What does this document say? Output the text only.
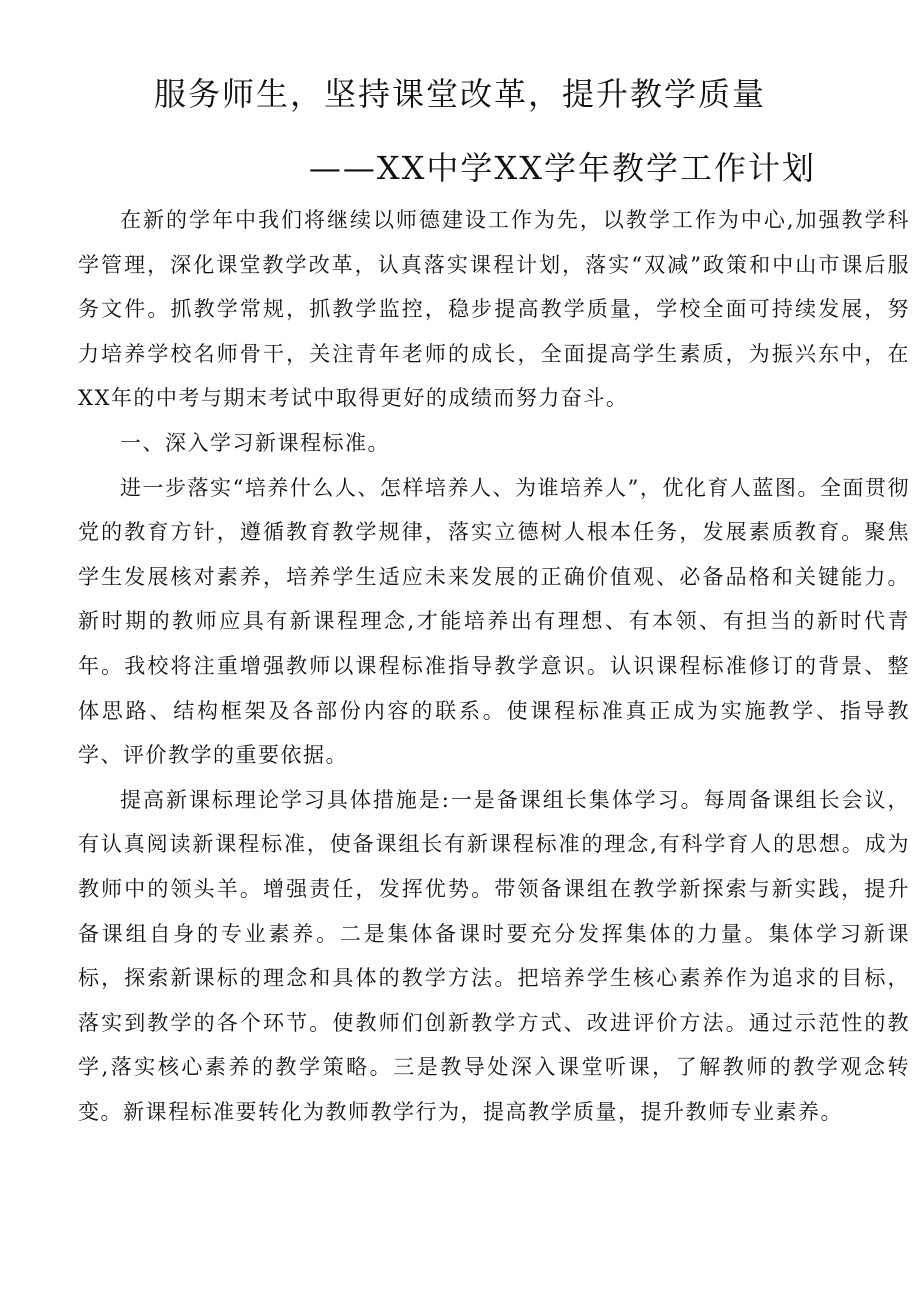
服务师生，坚持课堂改革，提升教学质量
——XX中学XX学年教学工作计划

在新的学年中我们将继续以师德建设工作为先，以教学工作为中心,加强教学科学管理，深化课堂教学改革，认真落实课程计划，落实“双减”政策和中山市课后服务文件。抓教学常规，抓教学监控，稳步提高教学质量，学校全面可持续发展，努力培养学校名师骨干，关注青年老师的成长，全面提高学生素质，为振兴东中，在XX年的中考与期末考试中取得更好的成绩而努力奋斗。

一、深入学习新课程标准。

进一步落实“培养什么人、怎样培养人、为谁培养人”，优化育人蓝图。全面贯彻党的教育方针，遵循教育教学规律，落实立德树人根本任务，发展素质教育。聚焦学生发展核对素养，培养学生适应未来发展的正确价值观、必备品格和关键能力。新时期的教师应具有新课程理念,才能培养出有理想、有本领、有担当的新时代青年。我校将注重增强教师以课程标准指导教学意识。认识课程标准修订的背景、整体思路、结构框架及各部份内容的联系。使课程标准真正成为实施教学、指导教学、评价教学的重要依据。

提高新课标理论学习具体措施是:一是备课组长集体学习。每周备课组长会议，有认真阅读新课程标准，使备课组长有新课程标准的理念,有科学育人的思想。成为教师中的领头羊。增强责任，发挥优势。带领备课组在教学新探索与新实践，提升备课组自身的专业素养。二是集体备课时要充分发挥集体的力量。集体学习新课标，探索新课标的理念和具体的教学方法。把培养学生核心素养作为追求的目标，落实到教学的各个环节。使教师们创新教学方式、改进评价方法。通过示范性的教学,落实核心素养的教学策略。三是教导处深入课堂听课，了解教师的教学观念转变。新课程标准要转化为教师教学行为，提高教学质量，提升教师专业素养。
